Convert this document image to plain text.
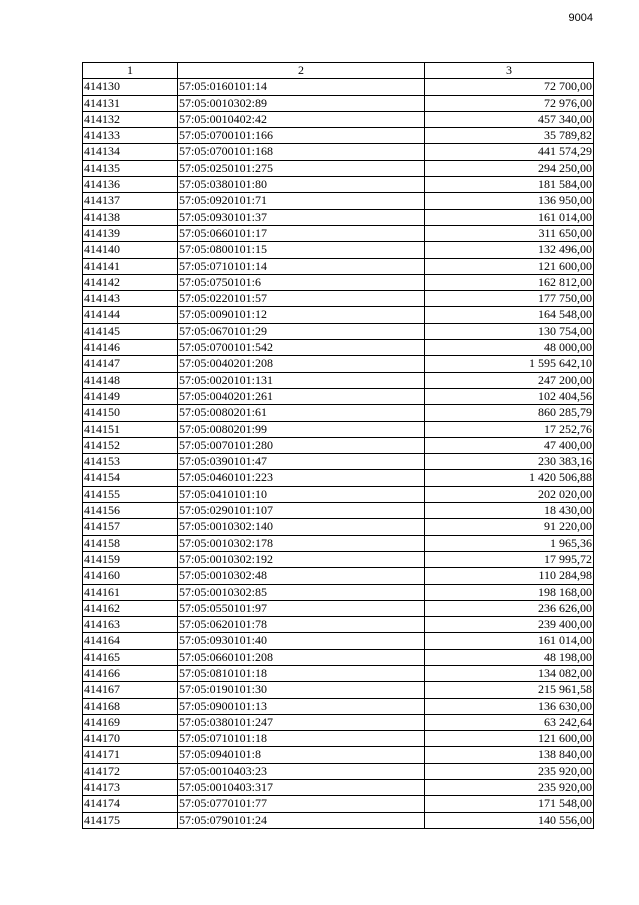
9004
1	2	3
414130	57:05:0160101:14	72 700,00
414131	57:05:0010302:89	72 976,00
414132	57:05:0010402:42	457 340,00
414133	57:05:0700101:166	35 789,82
414134	57:05:0700101:168	441 574,29
414135	57:05:0250101:275	294 250,00
414136	57:05:0380101:80	181 584,00
414137	57:05:0920101:71	136 950,00
414138	57:05:0930101:37	161 014,00
414139	57:05:0660101:17	311 650,00
414140	57:05:0800101:15	132 496,00
414141	57:05:0710101:14	121 600,00
414142	57:05:0750101:6	162 812,00
414143	57:05:0220101:57	177 750,00
414144	57:05:0090101:12	164 548,00
414145	57:05:0670101:29	130 754,00
414146	57:05:0700101:542	48 000,00
414147	57:05:0040201:208	1 595 642,10
414148	57:05:0020101:131	247 200,00
414149	57:05:0040201:261	102 404,56
414150	57:05:0080201:61	860 285,79
414151	57:05:0080201:99	17 252,76
414152	57:05:0070101:280	47 400,00
414153	57:05:0390101:47	230 383,16
414154	57:05:0460101:223	1 420 506,88
414155	57:05:0410101:10	202 020,00
414156	57:05:0290101:107	18 430,00
414157	57:05:0010302:140	91 220,00
414158	57:05:0010302:178	1 965,36
414159	57:05:0010302:192	17 995,72
414160	57:05:0010302:48	110 284,98
414161	57:05:0010302:85	198 168,00
414162	57:05:0550101:97	236 626,00
414163	57:05:0620101:78	239 400,00
414164	57:05:0930101:40	161 014,00
414165	57:05:0660101:208	48 198,00
414166	57:05:0810101:18	134 082,00
414167	57:05:0190101:30	215 961,58
414168	57:05:0900101:13	136 630,00
414169	57:05:0380101:247	63 242,64
414170	57:05:0710101:18	121 600,00
414171	57:05:0940101:8	138 840,00
414172	57:05:0010403:23	235 920,00
414173	57:05:0010403:317	235 920,00
414174	57:05:0770101:77	171 548,00
414175	57:05:0790101:24	140 556,00
